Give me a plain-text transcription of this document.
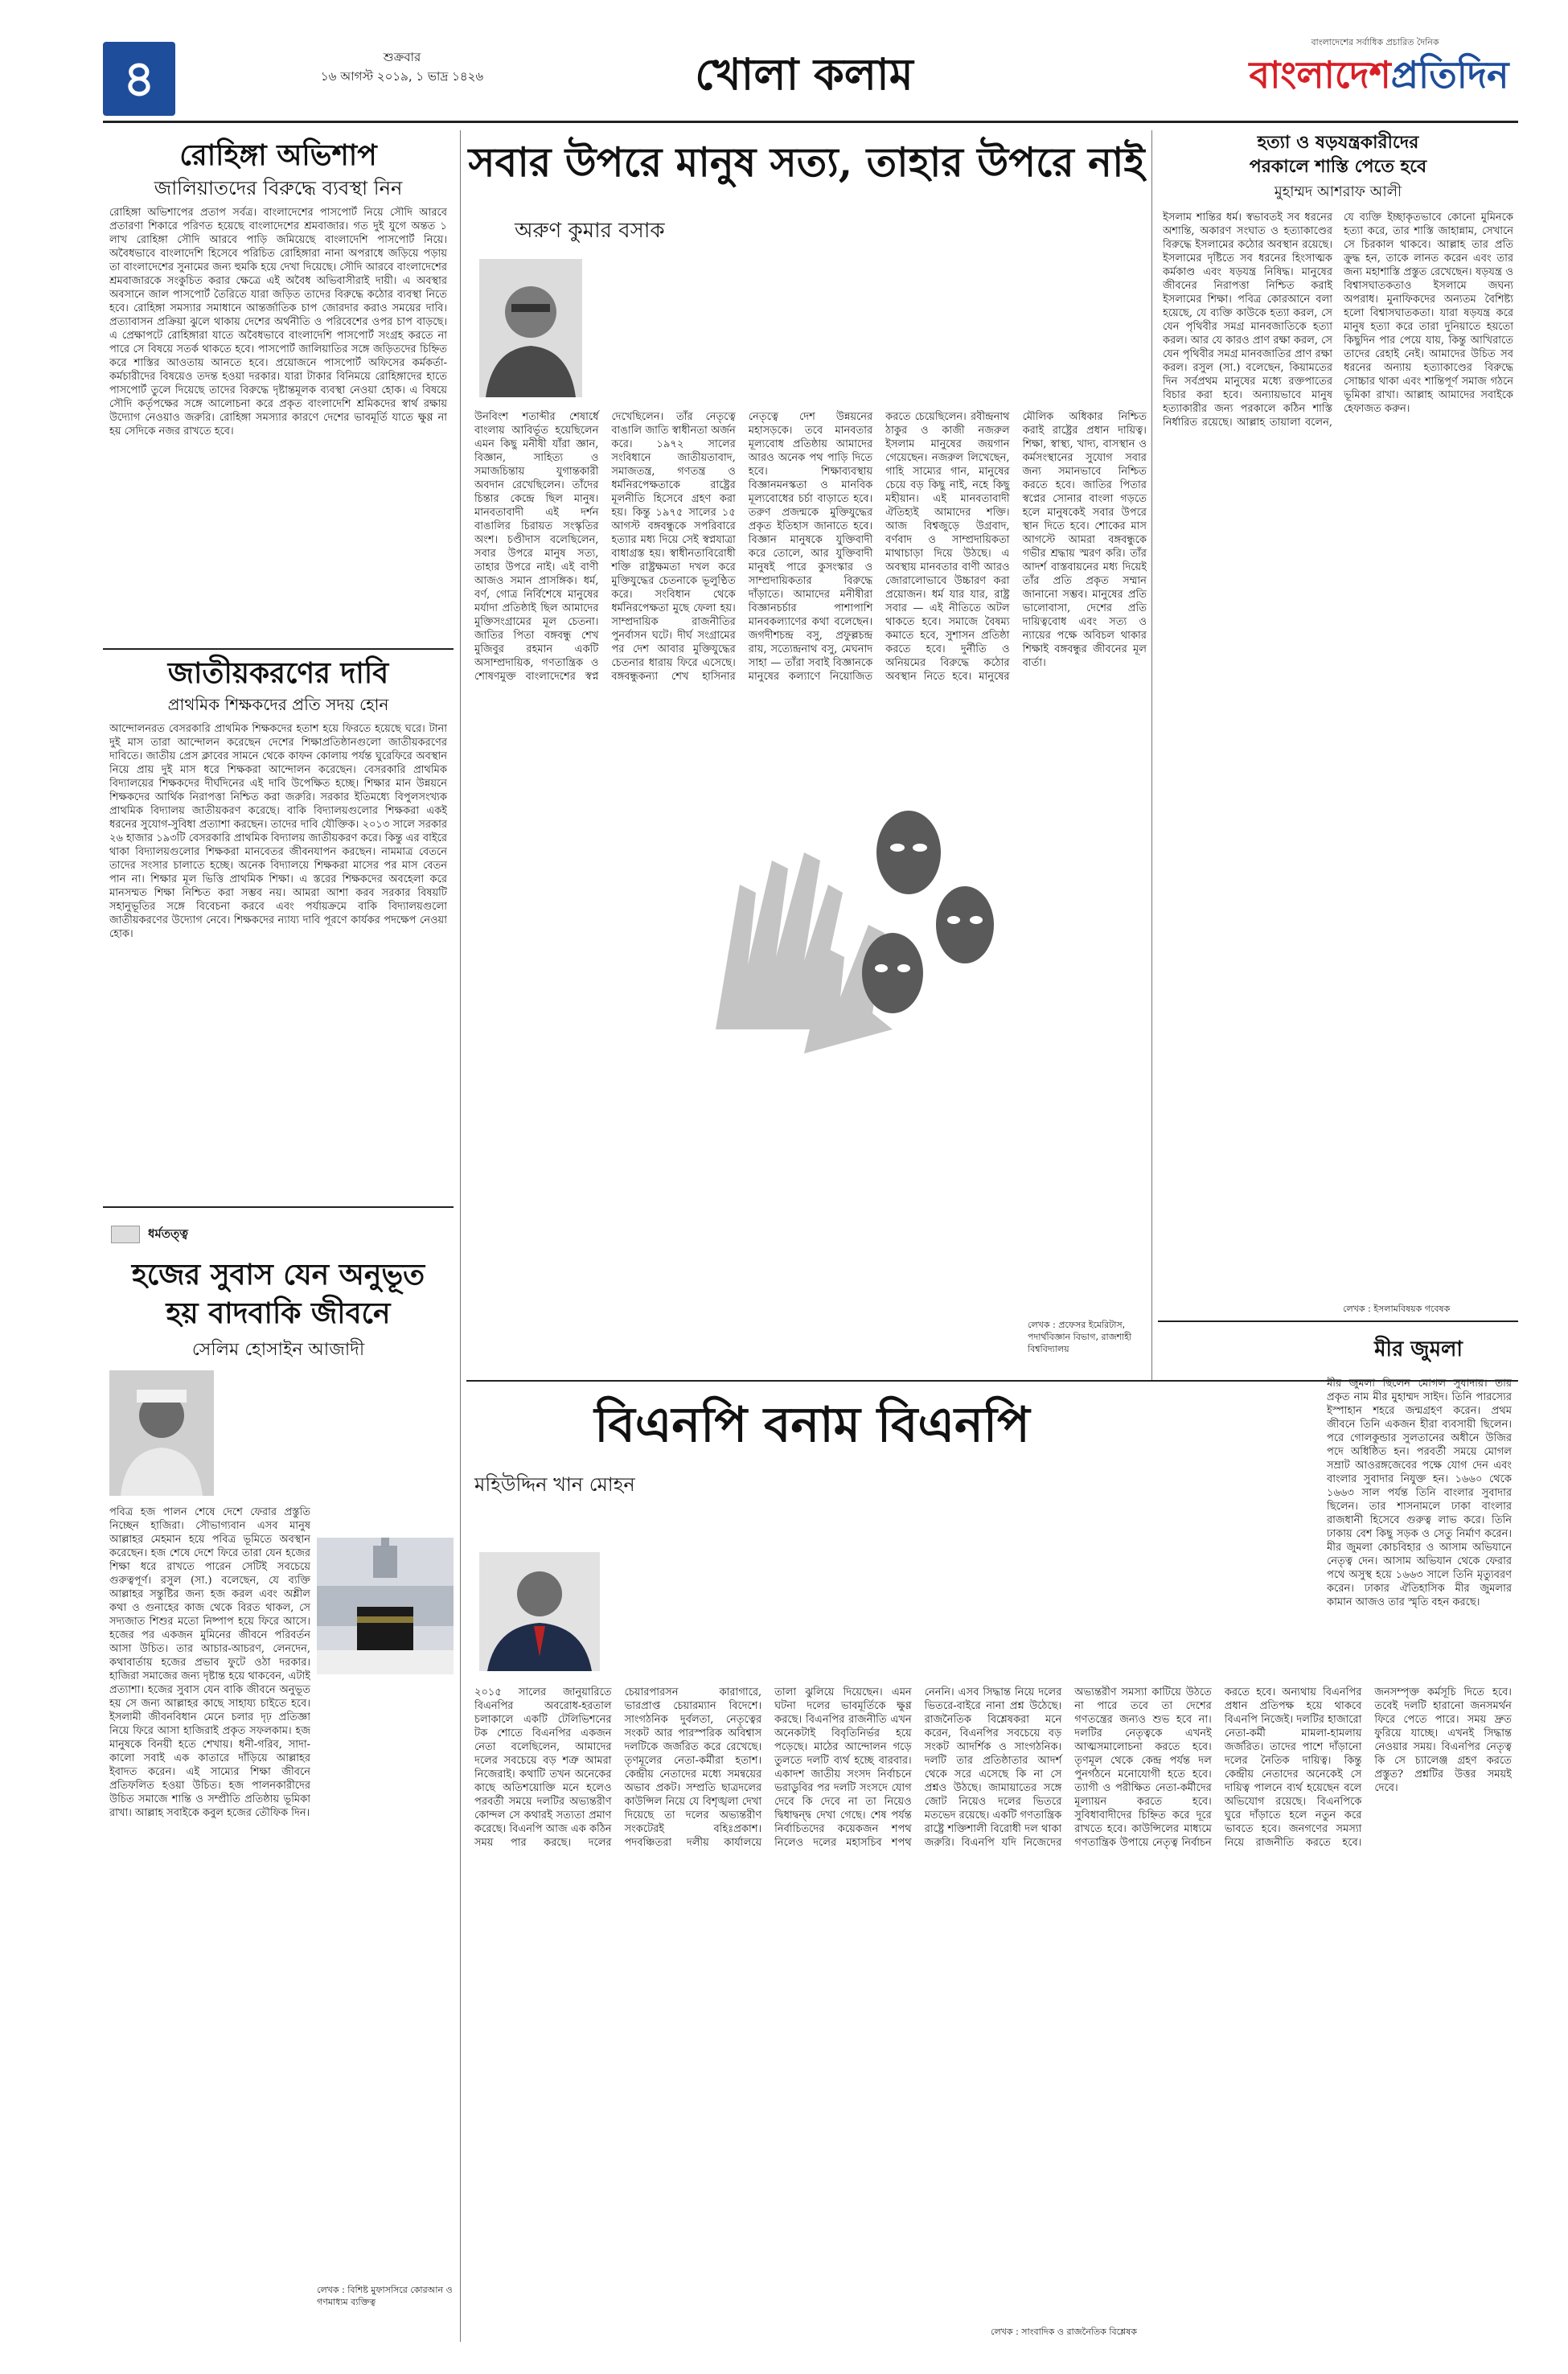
৪	শুক্রবার
১৬ আগস্ট ২০১৯, ১ ভাদ্র ১৪২৬	খোলা কলাম
বাংলাদেশের সর্বাধিক প্রচারিত দৈনিক
বাংলাদেশপ্রতিদিন
রোহিঙ্গা অভিশাপ
জালিয়াতদের বিরুদ্ধে ব্যবস্থা নিন
রোহিঙ্গা অভিশাপের প্রতাপ সর্বত্র। বাংলাদেশের পাসপোর্ট নিয়ে সৌদি আরবে প্রতারণা শিকারে পরিণত হয়েছে বাংলাদেশের শ্রমবাজার। গত দুই যুগে অন্তত ১ লাখ রোহিঙ্গা সৌদি আরবে পাড়ি জমিয়েছে বাংলাদেশি পাসপোর্ট নিয়ে। অবৈধভাবে বাংলাদেশি হিসেবে পরিচিত রোহিঙ্গারা নানা অপরাধে জড়িয়ে পড়ায় তা বাংলাদেশের সুনামের জন্য হুমকি হয়ে দেখা দিয়েছে। সৌদি আরবে বাংলাদেশের শ্রমবাজারকে সংকুচিত করার ক্ষেত্রে এই অবৈধ অভিবাসীরাই দায়ী। এ অবস্থার অবসানে জাল পাসপোর্ট তৈরিতে যারা জড়িত তাদের বিরুদ্ধে কঠোর ব্যবস্থা নিতে হবে। রোহিঙ্গা সমস্যার সমাধানে আন্তর্জাতিক চাপ জোরদার করাও সময়ের দাবি। প্রত্যাবাসন প্রক্রিয়া ঝুলে থাকায় দেশের অর্থনীতি ও পরিবেশের ওপর চাপ বাড়ছে। এ প্রেক্ষাপটে রোহিঙ্গারা যাতে অবৈধভাবে বাংলাদেশি পাসপোর্ট সংগ্রহ করতে না পারে সে বিষয়ে সতর্ক থাকতে হবে। পাসপোর্ট জালিয়াতির সঙ্গে জড়িতদের চিহ্নিত করে শাস্তির আওতায় আনতে হবে। প্রয়োজনে পাসপোর্ট অফিসের কর্মকর্তা-কর্মচারীদের বিষয়েও তদন্ত হওয়া দরকার। যারা টাকার বিনিময়ে রোহিঙ্গাদের হাতে পাসপোর্ট তুলে দিয়েছে তাদের বিরুদ্ধে দৃষ্টান্তমূলক ব্যবস্থা নেওয়া হোক। এ বিষয়ে সৌদি কর্তৃপক্ষের সঙ্গে আলোচনা করে প্রকৃত বাংলাদেশি শ্রমিকদের স্বার্থ রক্ষায় উদ্যোগ নেওয়াও জরুরি। রোহিঙ্গা সমস্যার কারণে দেশের ভাবমূর্তি যাতে ক্ষুণ্ণ না হয় সেদিকে নজর রাখতে হবে।
জাতীয়করণের দাবি
প্রাথমিক শিক্ষকদের প্রতি সদয় হোন
আন্দোলনরত বেসরকারি প্রাথমিক শিক্ষকদের হতাশ হয়ে ফিরতে হয়েছে ঘরে। টানা দুই মাস তারা আন্দোলন করেছেন দেশের শিক্ষাপ্রতিষ্ঠানগুলো জাতীয়করণের দাবিতে। জাতীয় প্রেস ক্লাবের সামনে থেকে কাফন কোলায় পর্যন্ত ঘুরেফিরে অবস্থান নিয়ে প্রায় দুই মাস ধরে শিক্ষকরা আন্দোলন করেছেন। বেসরকারি প্রাথমিক বিদ্যালয়ের শিক্ষকদের দীর্ঘদিনের এই দাবি উপেক্ষিত হচ্ছে। শিক্ষার মান উন্নয়নে শিক্ষকদের আর্থিক নিরাপত্তা নিশ্চিত করা জরুরি। সরকার ইতিমধ্যে বিপুলসংখ্যক প্রাথমিক বিদ্যালয় জাতীয়করণ করেছে। বাকি বিদ্যালয়গুলোর শিক্ষকরা একই ধরনের সুযোগ-সুবিধা প্রত্যাশা করছেন। তাদের দাবি যৌক্তিক। ২০১৩ সালে সরকার ২৬ হাজার ১৯৩টি বেসরকারি প্রাথমিক বিদ্যালয় জাতীয়করণ করে। কিন্তু এর বাইরে থাকা বিদ্যালয়গুলোর শিক্ষকরা মানবেতর জীবনযাপন করছেন। নামমাত্র বেতনে তাদের সংসার চালাতে হচ্ছে। অনেক বিদ্যালয়ে শিক্ষকরা মাসের পর মাস বেতন পান না। শিক্ষার মূল ভিত্তি প্রাথমিক শিক্ষা। এ স্তরের শিক্ষকদের অবহেলা করে মানসম্মত শিক্ষা নিশ্চিত করা সম্ভব নয়। আমরা আশা করব সরকার বিষয়টি সহানুভূতির সঙ্গে বিবেচনা করবে এবং পর্যায়ক্রমে বাকি বিদ্যালয়গুলো জাতীয়করণের উদ্যোগ নেবে। শিক্ষকদের ন্যায্য দাবি পূরণে কার্যকর পদক্ষেপ নেওয়া হোক।
ধর্মতত্ত্ব
হজের সুবাস যেন অনুভূত
হয় বাদবাকি জীবনে
সেলিম হোসাইন আজাদী
পবিত্র হজ পালন শেষে দেশে ফেরার প্রস্তুতি নিচ্ছেন হাজিরা। সৌভাগ্যবান এসব মানুষ আল্লাহর মেহমান হয়ে পবিত্র ভূমিতে অবস্থান করেছেন। হজ শেষে দেশে ফিরে তারা যেন হজের শিক্ষা ধরে রাখতে পারেন সেটিই সবচেয়ে গুরুত্বপূর্ণ। রসুল (সা.) বলেছেন, যে ব্যক্তি আল্লাহর সন্তুষ্টির জন্য হজ করল এবং অশ্লীল কথা ও গুনাহের কাজ থেকে বিরত থাকল, সে সদ্যজাত শিশুর মতো নিষ্পাপ হয়ে ফিরে আসে। হজের পর একজন মুমিনের জীবনে পরিবর্তন আসা উচিত। তার আচার-আচরণ, লেনদেন, কথাবার্তায় হজের প্রভাব ফুটে ওঠা দরকার। হাজিরা সমাজের জন্য দৃষ্টান্ত হয়ে থাকবেন, এটাই প্রত্যাশা। হজের সুবাস যেন বাকি জীবনে অনুভূত হয় সে জন্য আল্লাহর কাছে সাহায্য চাইতে হবে। ইসলামী জীবনবিধান মেনে চলার দৃঢ় প্রতিজ্ঞা নিয়ে ফিরে আসা হাজিরাই প্রকৃত সফলকাম। হজ মানুষকে বিনয়ী হতে শেখায়। ধনী-গরিব, সাদা-কালো সবাই এক কাতারে দাঁড়িয়ে আল্লাহর ইবাদত করেন। এই সাম্যের শিক্ষা জীবনে প্রতিফলিত হওয়া উচিত। হজ পালনকারীদের উচিত সমাজে শান্তি ও সম্প্রীতি প্রতিষ্ঠায় ভূমিকা রাখা। আল্লাহ সবাইকে কবুল হজের তৌফিক দিন।
লেখক : বিশিষ্ট মুফাসসিরে কোরআন ও গণমাধ্যম ব্যক্তিত্ব
সবার উপরে মানুষ সত্য, তাহার উপরে নাই
অরুণ কুমার বসাক
উনবিংশ শতাব্দীর শেষার্ধে বাংলায় আবির্ভূত হয়েছিলেন এমন কিছু মনীষী যাঁরা জ্ঞান, বিজ্ঞান, সাহিত্য ও সমাজচিন্তায় যুগান্তকারী অবদান রেখেছিলেন। তাঁদের চিন্তার কেন্দ্রে ছিল মানুষ। মানবতাবাদী এই দর্শন বাঙালির চিরায়ত সংস্কৃতির অংশ। চণ্ডীদাস বলেছিলেন, সবার উপরে মানুষ সত্য, তাহার উপরে নাই। এই বাণী আজও সমান প্রাসঙ্গিক। ধর্ম, বর্ণ, গোত্র নির্বিশেষে মানুষের মর্যাদা প্রতিষ্ঠাই ছিল আমাদের মুক্তিসংগ্রামের মূল চেতনা। জাতির পিতা বঙ্গবন্ধু শেখ মুজিবুর রহমান একটি অসাম্প্রদায়িক, গণতান্ত্রিক ও শোষণমুক্ত বাংলাদেশের স্বপ্ন দেখেছিলেন। তাঁর নেতৃত্বে বাঙালি জাতি স্বাধীনতা অর্জন করে। ১৯৭২ সালের সংবিধানে জাতীয়তাবাদ, সমাজতন্ত্র, গণতন্ত্র ও ধর্মনিরপেক্ষতাকে রাষ্ট্রের মূলনীতি হিসেবে গ্রহণ করা হয়। কিন্তু ১৯৭৫ সালের ১৫ আগস্ট বঙ্গবন্ধুকে সপরিবারে হত্যার মধ্য দিয়ে সেই স্বপ্নযাত্রা বাধাগ্রস্ত হয়। স্বাধীনতাবিরোধী শক্তি রাষ্ট্রক্ষমতা দখল করে মুক্তিযুদ্ধের চেতনাকে ভূলুণ্ঠিত করে। সংবিধান থেকে ধর্মনিরপেক্ষতা মুছে ফেলা হয়। সাম্প্রদায়িক রাজনীতির পুনর্বাসন ঘটে। দীর্ঘ সংগ্রামের পর দেশ আবার মুক্তিযুদ্ধের চেতনার ধারায় ফিরে এসেছে। বঙ্গবন্ধুকন্যা শেখ হাসিনার নেতৃত্বে দেশ উন্নয়নের মহাসড়কে। তবে মানবতার মূল্যবোধ প্রতিষ্ঠায় আমাদের আরও অনেক পথ পাড়ি দিতে হবে। শিক্ষাব্যবস্থায় বিজ্ঞানমনস্কতা ও মানবিক মূল্যবোধের চর্চা বাড়াতে হবে। তরুণ প্রজন্মকে মুক্তিযুদ্ধের প্রকৃত ইতিহাস জানাতে হবে। বিজ্ঞান মানুষকে যুক্তিবাদী করে তোলে, আর যুক্তিবাদী মানুষই পারে কুসংস্কার ও সাম্প্রদায়িকতার বিরুদ্ধে দাঁড়াতে। আমাদের মনীষীরা বিজ্ঞানচর্চার পাশাপাশি মানবকল্যাণের কথা বলেছেন। জগদীশচন্দ্র বসু, প্রফুল্লচন্দ্র রায়, সত্যেন্দ্রনাথ বসু, মেঘনাদ সাহা — তাঁরা সবাই বিজ্ঞানকে মানুষের কল্যাণে নিয়োজিত করতে চেয়েছিলেন। রবীন্দ্রনাথ ঠাকুর ও কাজী নজরুল ইসলাম মানুষের জয়গান গেয়েছেন। নজরুল লিখেছেন, গাহি সাম্যের গান, মানুষের চেয়ে বড় কিছু নাই, নহে কিছু মহীয়ান। এই মানবতাবাদী ঐতিহ্যই আমাদের শক্তি। আজ বিশ্বজুড়ে উগ্রবাদ, বর্ণবাদ ও সাম্প্রদায়িকতা মাথাচাড়া দিয়ে উঠছে। এ অবস্থায় মানবতার বাণী আরও জোরালোভাবে উচ্চারণ করা প্রয়োজন। ধর্ম যার যার, রাষ্ট্র সবার — এই নীতিতে অটল থাকতে হবে। সমাজে বৈষম্য কমাতে হবে, সুশাসন প্রতিষ্ঠা করতে হবে। দুর্নীতি ও অনিয়মের বিরুদ্ধে কঠোর অবস্থান নিতে হবে। মানুষের মৌলিক অধিকার নিশ্চিত করাই রাষ্ট্রের প্রধান দায়িত্ব। শিক্ষা, স্বাস্থ্য, খাদ্য, বাসস্থান ও কর্মসংস্থানের সুযোগ সবার জন্য সমানভাবে নিশ্চিত করতে হবে। জাতির পিতার স্বপ্নের সোনার বাংলা গড়তে হলে মানুষকেই সবার উপরে স্থান দিতে হবে। শোকের মাস আগস্টে আমরা বঙ্গবন্ধুকে গভীর শ্রদ্ধায় স্মরণ করি। তাঁর আদর্শ বাস্তবায়নের মধ্য দিয়েই তাঁর প্রতি প্রকৃত সম্মান জানানো সম্ভব। মানুষের প্রতি ভালোবাসা, দেশের প্রতি দায়িত্ববোধ এবং সত্য ও ন্যায়ের পক্ষে অবিচল থাকার শিক্ষাই বঙ্গবন্ধুর জীবনের মূল বার্তা।
লেখক : প্রফেসর ইমেরিটাস, পদার্থবিজ্ঞান বিভাগ, রাজশাহী বিশ্ববিদ্যালয়
বিএনপি বনাম বিএনপি
মহিউদ্দিন খান মোহন
২০১৫ সালের জানুয়ারিতে বিএনপির অবরোধ-হরতাল চলাকালে একটি টেলিভিশনের টক শোতে বিএনপির একজন নেতা বলেছিলেন, আমাদের দলের সবচেয়ে বড় শত্রু আমরা নিজেরাই। কথাটি তখন অনেকের কাছে অতিশয়োক্তি মনে হলেও পরবর্তী সময়ে দলটির অভ্যন্তরীণ কোন্দল সে কথারই সত্যতা প্রমাণ করেছে। বিএনপি আজ এক কঠিন সময় পার করছে। দলের চেয়ারপারসন কারাগারে, ভারপ্রাপ্ত চেয়ারম্যান বিদেশে। সাংগঠনিক দুর্বলতা, নেতৃত্বের সংকট আর পারস্পরিক অবিশ্বাস দলটিকে জর্জরিত করে রেখেছে। তৃণমূলের নেতা-কর্মীরা হতাশ। কেন্দ্রীয় নেতাদের মধ্যে সমন্বয়ের অভাব প্রকট। সম্প্রতি ছাত্রদলের কাউন্সিল নিয়ে যে বিশৃঙ্খলা দেখা দিয়েছে তা দলের অভ্যন্তরীণ সংকটেরই বহিঃপ্রকাশ। পদবঞ্চিতরা দলীয় কার্যালয়ে তালা ঝুলিয়ে দিয়েছেন। এমন ঘটনা দলের ভাবমূর্তিকে ক্ষুণ্ণ করছে। বিএনপির রাজনীতি এখন অনেকটাই বিবৃতিনির্ভর হয়ে পড়েছে। মাঠের আন্দোলন গড়ে তুলতে দলটি ব্যর্থ হচ্ছে বারবার। একাদশ জাতীয় সংসদ নির্বাচনে ভরাডুবির পর দলটি সংসদে যোগ দেবে কি দেবে না তা নিয়েও দ্বিধাদ্বন্দ্ব দেখা গেছে। শেষ পর্যন্ত নির্বাচিতদের কয়েকজন শপথ নিলেও দলের মহাসচিব শপথ নেননি। এসব সিদ্ধান্ত নিয়ে দলের ভিতরে-বাইরে নানা প্রশ্ন উঠেছে। রাজনৈতিক বিশ্লেষকরা মনে করেন, বিএনপির সবচেয়ে বড় সংকট আদর্শিক ও সাংগঠনিক। দলটি তার প্রতিষ্ঠাতার আদর্শ থেকে সরে এসেছে কি না সে প্রশ্নও উঠছে। জামায়াতের সঙ্গে জোট নিয়েও দলের ভিতরে মতভেদ রয়েছে। একটি গণতান্ত্রিক রাষ্ট্রে শক্তিশালী বিরোধী দল থাকা জরুরি। বিএনপি যদি নিজেদের অভ্যন্তরীণ সমস্যা কাটিয়ে উঠতে না পারে তবে তা দেশের গণতন্ত্রের জন্যও শুভ হবে না। দলটির নেতৃত্বকে এখনই আত্মসমালোচনা করতে হবে। তৃণমূল থেকে কেন্দ্র পর্যন্ত দল পুনর্গঠনে মনোযোগী হতে হবে। ত্যাগী ও পরীক্ষিত নেতা-কর্মীদের মূল্যায়ন করতে হবে। সুবিধাবাদীদের চিহ্নিত করে দূরে রাখতে হবে। কাউন্সিলের মাধ্যমে গণতান্ত্রিক উপায়ে নেতৃত্ব নির্বাচন করতে হবে। অন্যথায় বিএনপির প্রধান প্রতিপক্ষ হয়ে থাকবে বিএনপি নিজেই। দলটির হাজারো নেতা-কর্মী মামলা-হামলায় জর্জরিত। তাদের পাশে দাঁড়ানো দলের নৈতিক দায়িত্ব। কিন্তু কেন্দ্রীয় নেতাদের অনেকেই সে দায়িত্ব পালনে ব্যর্থ হয়েছেন বলে অভিযোগ রয়েছে। বিএনপিকে ঘুরে দাঁড়াতে হলে নতুন করে ভাবতে হবে। জনগণের সমস্যা নিয়ে রাজনীতি করতে হবে। জনসম্পৃক্ত কর্মসূচি দিতে হবে। তবেই দলটি হারানো জনসমর্থন ফিরে পেতে পারে। সময় দ্রুত ফুরিয়ে যাচ্ছে। এখনই সিদ্ধান্ত নেওয়ার সময়। বিএনপির নেতৃত্ব কি সে চ্যালেঞ্জ গ্রহণ করতে প্রস্তুত? প্রশ্নটির উত্তর সময়ই দেবে।
লেখক : সাংবাদিক ও রাজনৈতিক বিশ্লেষক
হত্যা ও ষড়যন্ত্রকারীদের
পরকালে শাস্তি পেতে হবে
মুহাম্মদ আশরাফ আলী
ইসলাম শান্তির ধর্ম। স্বভাবতই সব ধরনের অশান্তি, অকারণ সংঘাত ও হত্যাকাণ্ডের বিরুদ্ধে ইসলামের কঠোর অবস্থান রয়েছে। ইসলামের দৃষ্টিতে সব ধরনের হিংসাত্মক কর্মকাণ্ড এবং ষড়যন্ত্র নিষিদ্ধ। মানুষের জীবনের নিরাপত্তা নিশ্চিত করাই ইসলামের শিক্ষা। পবিত্র কোরআনে বলা হয়েছে, যে ব্যক্তি কাউকে হত্যা করল, সে যেন পৃথিবীর সমগ্র মানবজাতিকে হত্যা করল। আর যে কারও প্রাণ রক্ষা করল, সে যেন পৃথিবীর সমগ্র মানবজাতির প্রাণ রক্ষা করল। রসুল (সা.) বলেছেন, কিয়ামতের দিন সর্বপ্রথম মানুষের মধ্যে রক্তপাতের বিচার করা হবে। অন্যায়ভাবে মানুষ হত্যাকারীর জন্য পরকালে কঠিন শাস্তি নির্ধারিত রয়েছে। আল্লাহ তায়ালা বলেন, যে ব্যক্তি ইচ্ছাকৃতভাবে কোনো মুমিনকে হত্যা করে, তার শাস্তি জাহান্নাম, সেখানে সে চিরকাল থাকবে। আল্লাহ তার প্রতি ক্রুদ্ধ হন, তাকে লানত করেন এবং তার জন্য মহাশাস্তি প্রস্তুত রেখেছেন। ষড়যন্ত্র ও বিশ্বাসঘাতকতাও ইসলামে জঘন্য অপরাধ। মুনাফিকদের অন্যতম বৈশিষ্ট্য হলো বিশ্বাসঘাতকতা। যারা ষড়যন্ত্র করে মানুষ হত্যা করে তারা দুনিয়াতে হয়তো কিছুদিন পার পেয়ে যায়, কিন্তু আখিরাতে তাদের রেহাই নেই। আমাদের উচিত সব ধরনের অন্যায় হত্যাকাণ্ডের বিরুদ্ধে সোচ্চার থাকা এবং শান্তিপূর্ণ সমাজ গঠনে ভূমিকা রাখা। আল্লাহ আমাদের সবাইকে হেফাজত করুন।
লেখক : ইসলামবিষয়ক গবেষক
মীর জুমলা
মীর জুমলা ছিলেন মোগল সুবাদার। তার প্রকৃত নাম মীর মুহাম্মদ সাইদ। তিনি পারস্যের ইস্পাহান শহরে জন্মগ্রহণ করেন। প্রথম জীবনে তিনি একজন হীরা ব্যবসায়ী ছিলেন। পরে গোলকুন্ডার সুলতানের অধীনে উজির পদে অধিষ্ঠিত হন। পরবর্তী সময়ে মোগল সম্রাট আওরঙ্গজেবের পক্ষে যোগ দেন এবং বাংলার সুবাদার নিযুক্ত হন। ১৬৬০ থেকে ১৬৬৩ সাল পর্যন্ত তিনি বাংলার সুবাদার ছিলেন। তার শাসনামলে ঢাকা বাংলার রাজধানী হিসেবে গুরুত্ব লাভ করে। তিনি ঢাকায় বেশ কিছু সড়ক ও সেতু নির্মাণ করেন। মীর জুমলা কোচবিহার ও আসাম অভিযানে নেতৃত্ব দেন। আসাম অভিযান থেকে ফেরার পথে অসুস্থ হয়ে ১৬৬৩ সালে তিনি মৃত্যুবরণ করেন। ঢাকার ঐতিহাসিক মীর জুমলার কামান আজও তার স্মৃতি বহন করছে।
